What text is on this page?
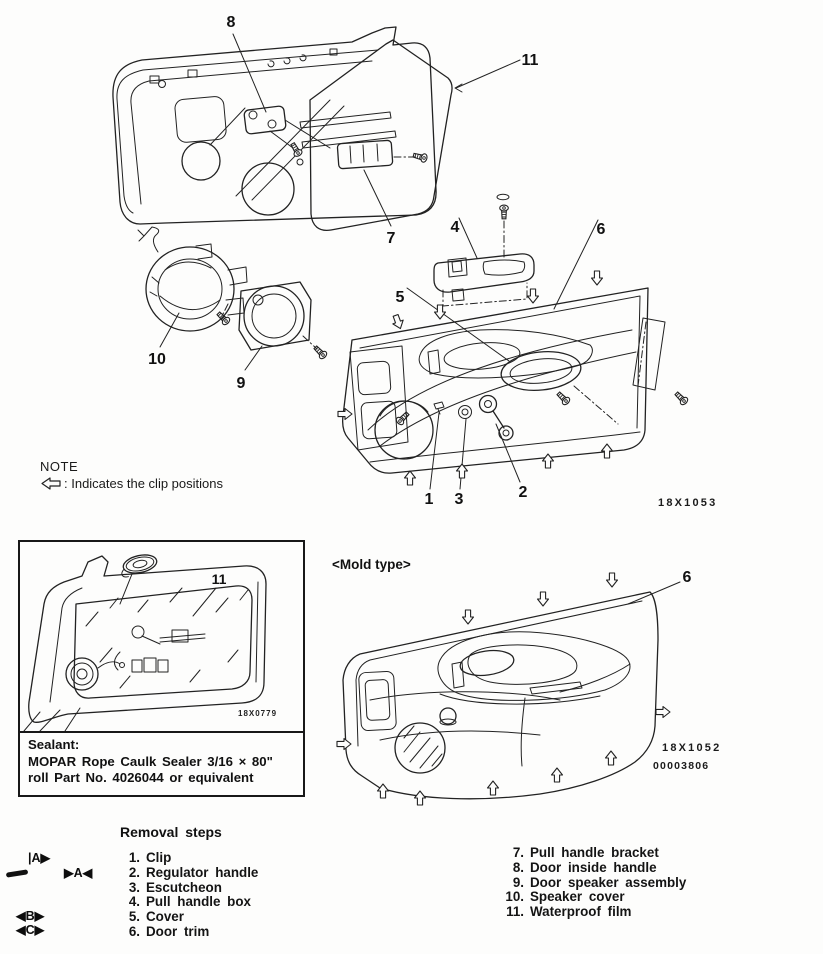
11
8
7
10
9
4	6
5
1 3	2
NOTE
: Indicates the clip positions
18X1053
11
18X0779
Sealant:
MOPAR Rope Caulk Sealer 3/16 × 80"
roll Part No. 4026044 or equivalent
<Mold type>
6
18X1052
00003806
|A▶
▶A◀
◀B▶
◀C▶
Removal steps
1. Clip
2. Regulator handle
3. Escutcheon
4. Pull handle box
5. Cover
6. Door trim
7. Pull handle bracket
8. Door inside handle
9. Door speaker assembly
10. Speaker cover
11. Waterproof film
